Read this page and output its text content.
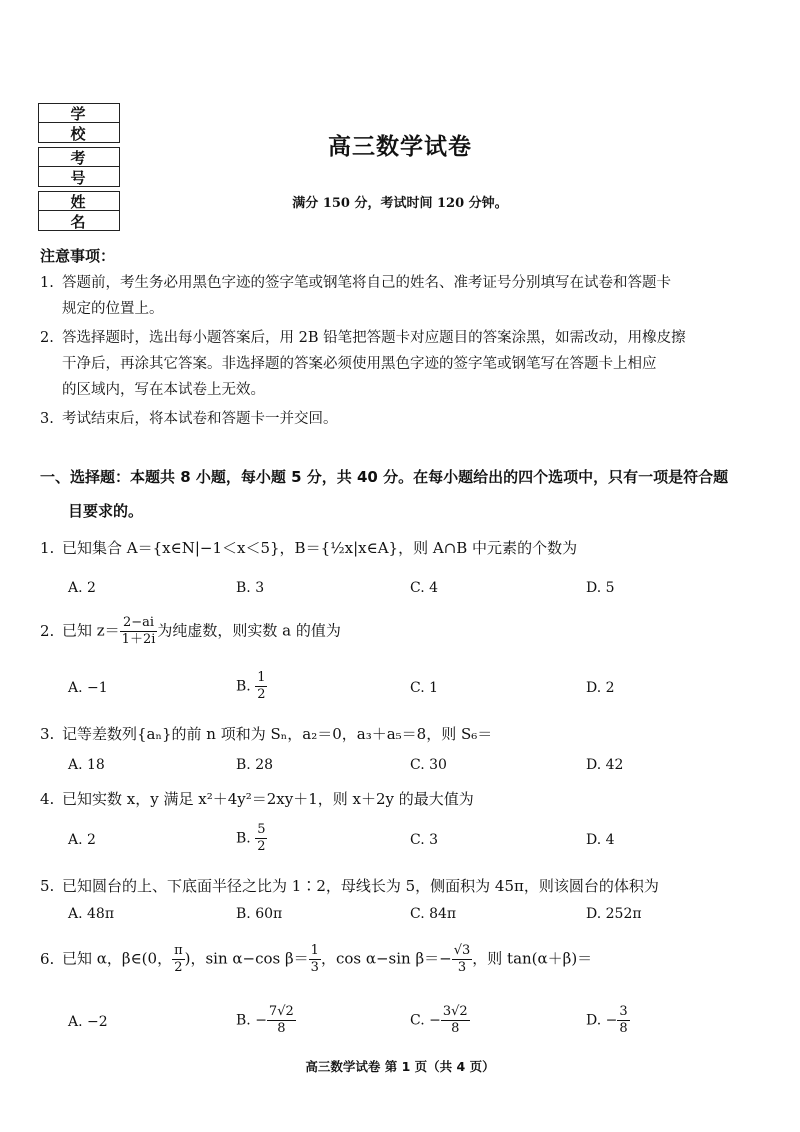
学 校
考 号
姓 名
高三数学试卷
满分 150 分，考试时间 120 分钟。
注意事项：
1. 答题前，考生务必用黑色字迹的签字笔或钢笔将自己的姓名、准考证号分别填写在试卷和答题卡
规定的位置上。
2. 答选择题时，选出每小题答案后，用 2B 铅笔把答题卡对应题目的答案涂黑，如需改动，用橡皮擦
干净后，再涂其它答案。非选择题的答案必须使用黑色字迹的签字笔或钢笔写在答题卡上相应
的区域内，写在本试卷上无效。
3. 考试结束后，将本试卷和答题卡一并交回。
一、选择题：本题共 8 小题，每小题 5 分，共 40 分。在每小题给出的四个选项中，只有一项是符合题
目要求的。
1. 已知集合 A＝{x∈N|−1＜x＜5}，B＝{½x|x∈A}，则 A∩B 中元素的个数为
A. 2	B. 3	C. 4	D. 5
2. 已知 $z= \frac{2-ai}{1+2i}$ 为纯虚数，则实数 a 的值为
A. −1	B. $\frac{1}{2}$	C. 1	D. 2
3. 记等差数列{aₙ}的前 n 项和为 Sₙ，a₂＝0，a₃＋a₅＝8，则 S₆＝
A. 18	B. 28	C. 30	D. 42
4. 已知实数 x，y 满足 x²＋4y²＝2xy＋1，则 x＋2y 的最大值为
A. 2	B. $\frac{5}{2}$	C. 3	D. 4
5. 已知圆台的上、下底面半径之比为 1∶2，母线长为 5，侧面积为 45π，则该圆台的体积为
A. 48π	B. 60π	C. 84π	D. 252π
6. 已知 α，β∈(0， $\frac{\pi}{2}$ )，sin α−cos $\beta= \frac{1}{3}$ ，cos α−sin $\beta=- \frac{√3}{3}$ ，则 tan(α＋β)＝
A. −2	B. − $\frac{7√2}{8}$	C. − $\frac{3√2}{8}$	D. − $\frac{3}{8}$
高三数学试卷 第 1 页（共 4 页）
